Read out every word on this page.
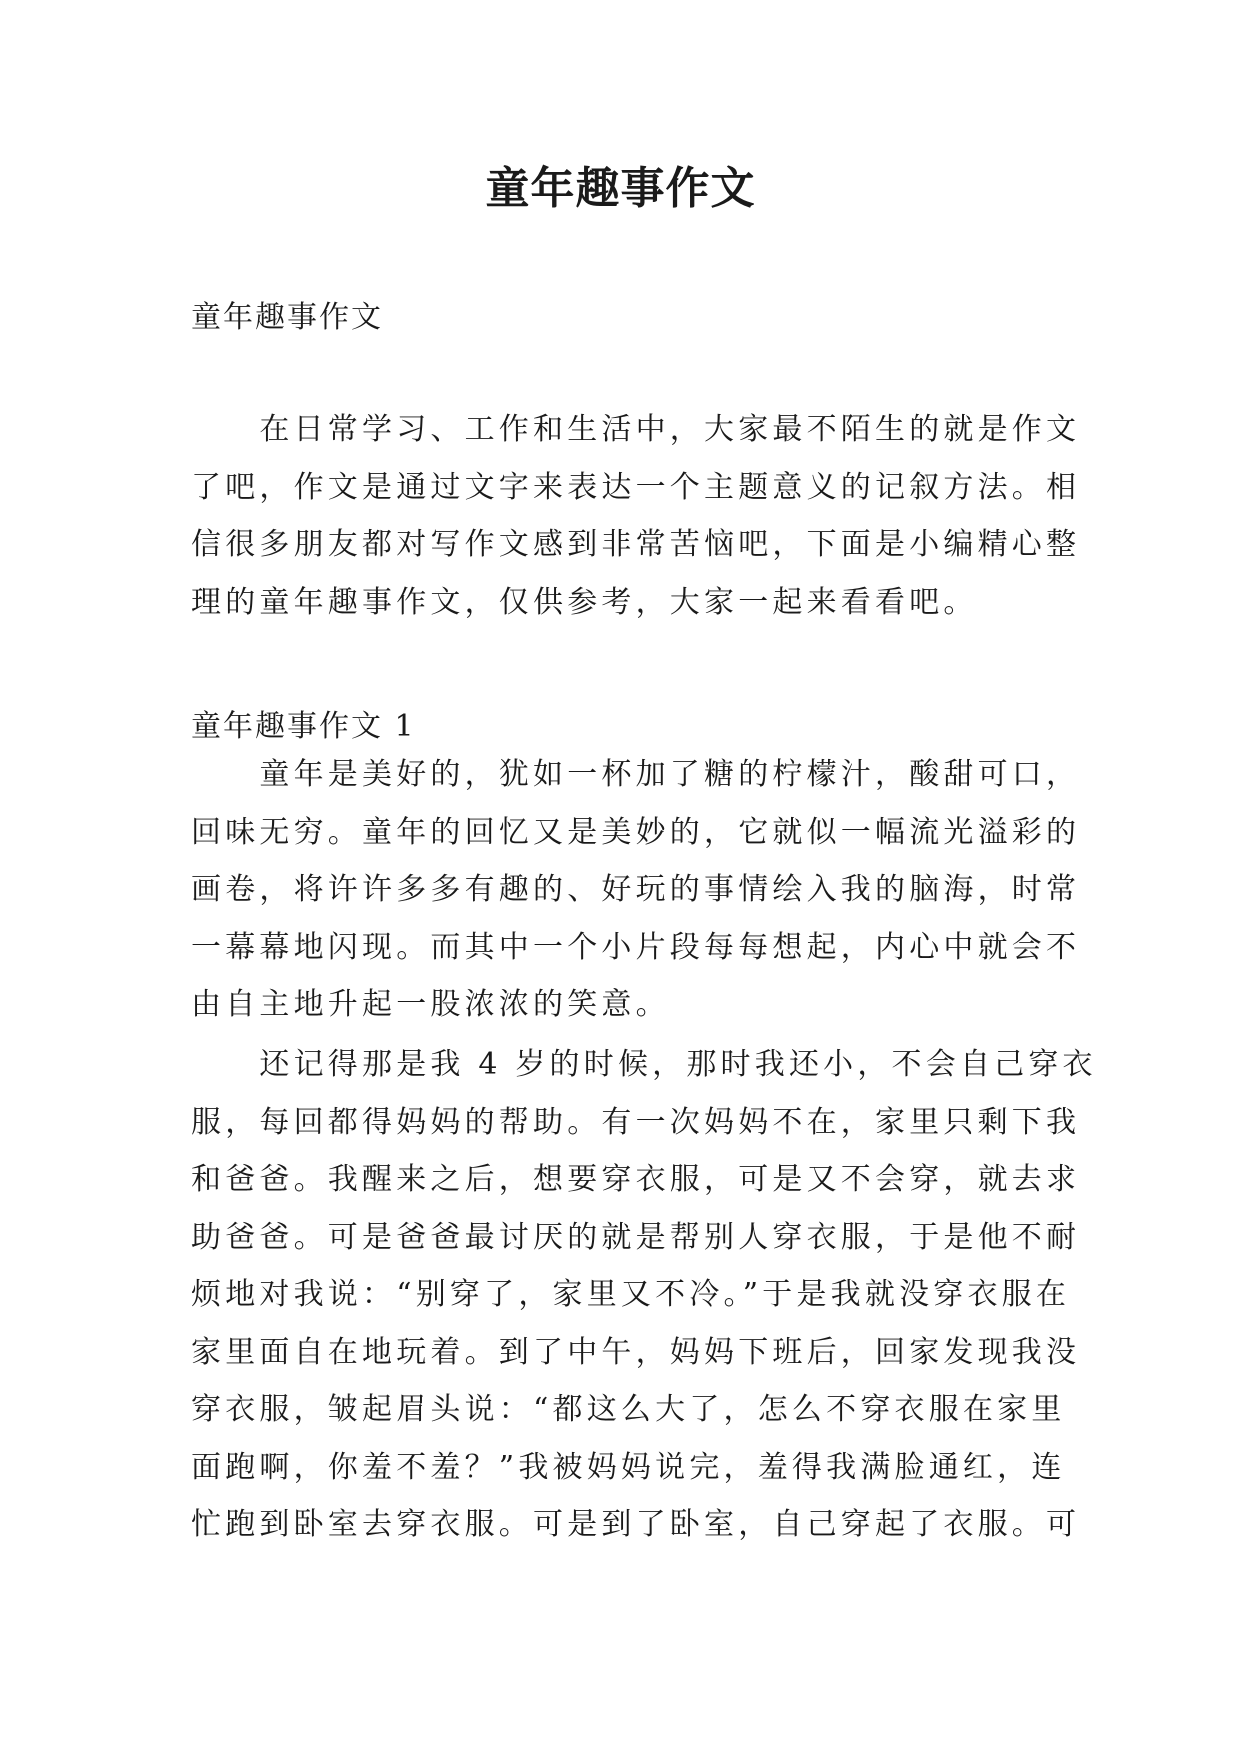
童年趣事作文
童年趣事作文
　　在日常学习、工作和生活中，大家最不陌生的就是作文
了吧，作文是通过文字来表达一个主题意义的记叙方法。相
信很多朋友都对写作文感到非常苦恼吧，下面是小编精心整
理的童年趣事作文，仅供参考，大家一起来看看吧。
童年趣事作文 1
　　童年是美好的，犹如一杯加了糖的柠檬汁，酸甜可口，
回味无穷。童年的回忆又是美妙的，它就似一幅流光溢彩的
画卷，将许许多多有趣的、好玩的事情绘入我的脑海，时常
一幕幕地闪现。而其中一个小片段每每想起，内心中就会不
由自主地升起一股浓浓的笑意。
　　还记得那是我 4 岁的时候，那时我还小，不会自己穿衣
服，每回都得妈妈的帮助。有一次妈妈不在，家里只剩下我
和爸爸。我醒来之后，想要穿衣服，可是又不会穿，就去求
助爸爸。可是爸爸最讨厌的就是帮别人穿衣服，于是他不耐
烦地对我说：“别穿了，家里又不冷。”于是我就没穿衣服在
家里面自在地玩着。到了中午，妈妈下班后，回家发现我没
穿衣服，皱起眉头说：“都这么大了，怎么不穿衣服在家里
面跑啊，你羞不羞？”我被妈妈说完，羞得我满脸通红，连
忙跑到卧室去穿衣服。可是到了卧室，自己穿起了衣服。可
